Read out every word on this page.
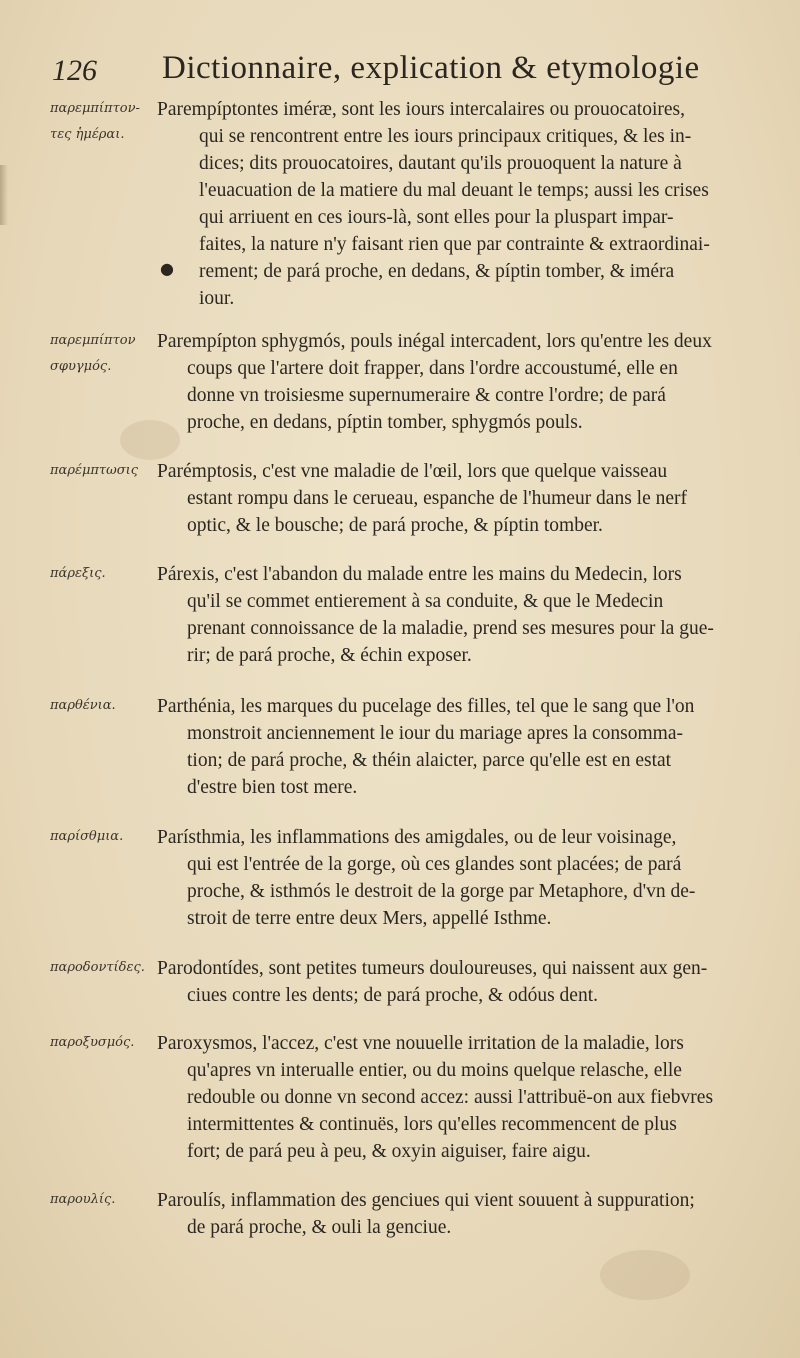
126 Dictionnaire, explication & etymologie
παρεμπίπτον-
τες ἡμέραι.
Parempíptontes iméræ, sont les iours intercalaires ou prouocatoires,
qui se rencontrent entre les iours principaux critiques, & les in-
dices; dits prouocatoires, dautant qu'ils prouoquent la nature à
l'euacuation de la matiere du mal deuant le temps; aussi les crises
qui arriuent en ces iours-là, sont elles pour la pluspart impar-
faites, la nature n'y faisant rien que par contrainte & extraordinai-
rement; de pará proche, en dedans, & píptin tomber, & iméra
iour.
●
παρεμπίπτον
σφυγμός.
Parempípton sphygmós, pouls inégal intercadent, lors qu'entre les deux
coups que l'artere doit frapper, dans l'ordre accoustumé, elle en
donne vn troisiesme supernumeraire & contre l'ordre; de pará
proche, en dedans, píptin tomber, sphygmós pouls.
παρέμπτωσις Parémptosis, c'est vne maladie de l'œil, lors que quelque vaisseau
estant rompu dans le cerueau, espanche de l'humeur dans le nerf
optic, & le bousche; de pará proche, & píptin tomber.
πάρεξις.	Párexis, c'est l'abandon du malade entre les mains du Medecin, lors
qu'il se commet entierement à sa conduite, & que le Medecin
prenant connoissance de la maladie, prend ses mesures pour la gue-
rir; de pará proche, & échin exposer.
παρθένια.	Parthénia, les marques du pucelage des filles, tel que le sang que l'on
monstroit anciennement le iour du mariage apres la consomma-
tion; de pará proche, & théin alaicter, parce qu'elle est en estat
d'estre bien tost mere.
παρίσθμια.	Parísthmia, les inflammations des amigdales, ou de leur voisinage,
qui est l'entrée de la gorge, où ces glandes sont placées; de pará
proche, & isthmós le destroit de la gorge par Metaphore, d'vn de-
stroit de terre entre deux Mers, appellé Isthme.
παροδοντίδες. Parodontídes, sont petites tumeurs douloureuses, qui naissent aux gen-
ciues contre les dents; de pará proche, & odóus dent.
παροξυσμός.	Paroxysmos, l'accez, c'est vne nouuelle irritation de la maladie, lors
qu'apres vn interualle entier, ou du moins quelque relasche, elle
redouble ou donne vn second accez: aussi l'attribuë-on aux fiebvres
intermittentes & continuës, lors qu'elles recommencent de plus
fort; de pará peu à peu, & oxyin aiguiser, faire aigu.
παρουλίς.	Paroulís, inflammation des genciues qui vient souuent à suppuration;
de pará proche, & ouli la genciue.
